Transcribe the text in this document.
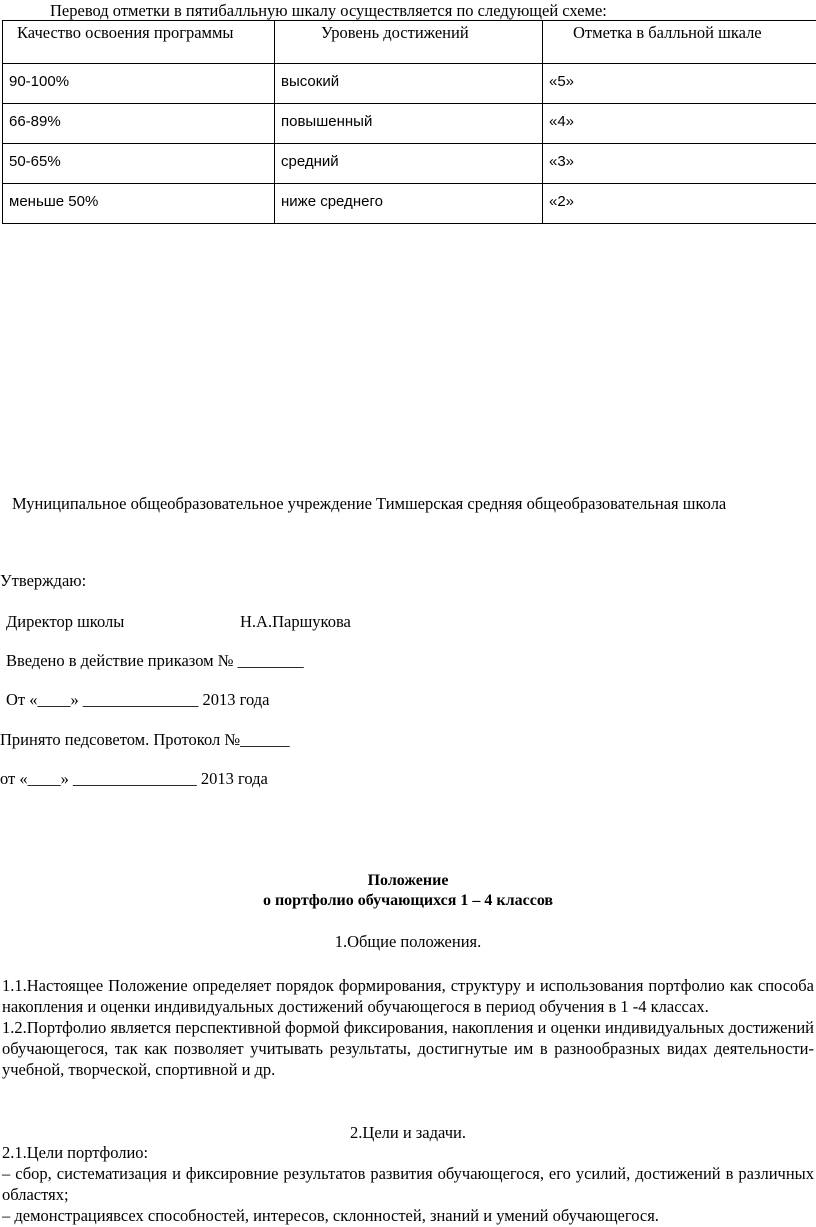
Перевод отметки в пятибалльную шкалу осуществляется по следующей схеме:
Качество освоения программы	Уровень достижений	Отметка в балльной шкале
90-100%	высокий	«5»
66-89%	повышенный	«4»
50-65%	средний	«3»
меньше 50%	ниже среднего	«2»
Муниципальное общеобразовательное учреждение Тимшерская средняя общеобразовательная школа
Утверждаю:
Директор школы	Н.А.Паршукова
Введено в действие приказом № ________
От «____» ______________ 2013 года
Принято педсоветом. Протокол №______
от «____» _______________ 2013 года
Положение
о портфолио обучающихся 1 – 4 классов
1.Общие положения.

1.1.Настоящее Положение определяет порядок формирования, структуру и использования портфолио как способа накопления и оценки индивидуальных достижений обучающегося в период обучения в 1 -4 классах.

1.2.Портфолио является перспективной формой фиксирования, накопления и оценки индивидуальных достижений обучающегося, так как позволяет учитывать результаты, достигнутые им в разнообразных видах деятельности- учебной, творческой, спортивной и др.

2.Цели и задачи.

2.1.Цели портфолио:

– сбор, систематизация и фиксировние результатов развития обучающегося, его усилий, достижений в различных областях;

– демонстрациявсех способностей, интересов, склонностей, знаний и умений обучающегося.
